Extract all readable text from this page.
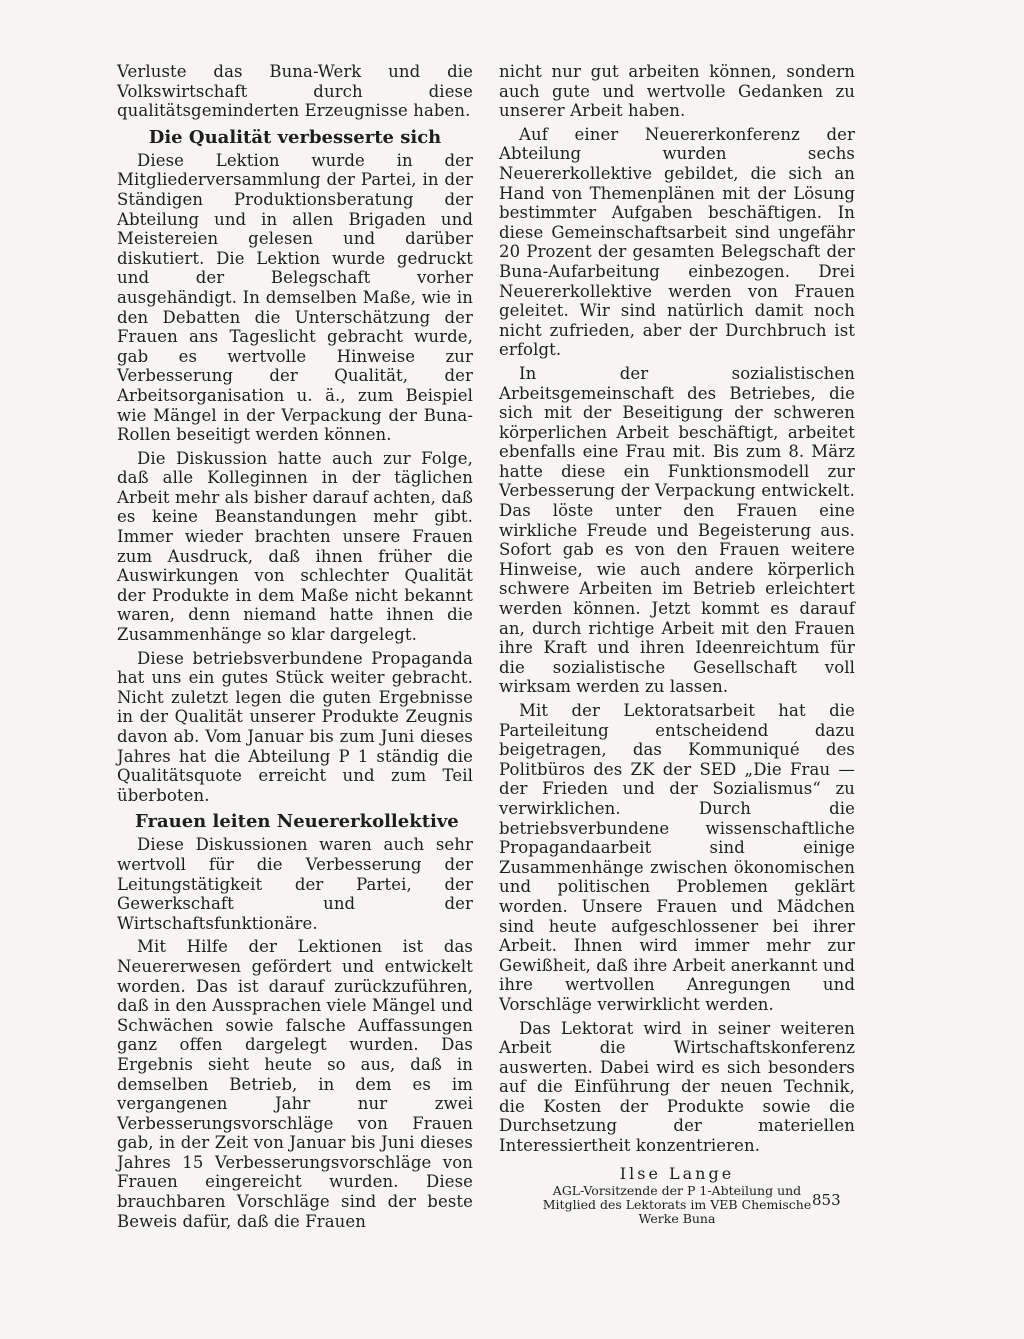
Verluste das Buna-Werk und die Volkswirtschaft durch diese qualitätsgeminderten Erzeugnisse haben.

Die Qualität verbesserte sich

Diese Lektion wurde in der Mitgliederversammlung der Partei, in der Ständigen Produktionsberatung der Abteilung und in allen Brigaden und Meistereien gelesen und darüber diskutiert. Die Lektion wurde gedruckt und der Belegschaft vorher ausgehändigt. In demselben Maße, wie in den Debatten die Unterschätzung der Frauen ans Tageslicht gebracht wurde, gab es wertvolle Hinweise zur Verbesserung der Qualität, der Arbeitsorganisation u. ä., zum Beispiel wie Mängel in der Verpackung der Buna-Rollen beseitigt werden können.

Die Diskussion hatte auch zur Folge, daß alle Kolleginnen in der täglichen Arbeit mehr als bisher darauf achten, daß es keine Beanstandungen mehr gibt. Immer wieder brachten unsere Frauen zum Ausdruck, daß ihnen früher die Auswirkungen von schlechter Qualität der Produkte in dem Maße nicht bekannt waren, denn niemand hatte ihnen die Zusammenhänge so klar dargelegt.

Diese betriebsverbundene Propaganda hat uns ein gutes Stück weiter gebracht. Nicht zuletzt legen die guten Ergebnisse in der Qualität unserer Produkte Zeugnis davon ab. Vom Januar bis zum Juni dieses Jahres hat die Abteilung P 1 ständig die Qualitätsquote erreicht und zum Teil überboten.

Frauen leiten Neuererkollektive

Diese Diskussionen waren auch sehr wertvoll für die Verbesserung der Leitungstätigkeit der Partei, der Gewerkschaft und der Wirtschaftsfunktionäre.

Mit Hilfe der Lektionen ist das Neuererwesen gefördert und entwickelt worden. Das ist darauf zurückzuführen, daß in den Aussprachen viele Mängel und Schwächen sowie falsche Auffassungen ganz offen dargelegt wurden. Das Ergebnis sieht heute so aus, daß in demselben Betrieb, in dem es im vergangenen Jahr nur zwei Verbesserungsvorschläge von Frauen gab, in der Zeit von Januar bis Juni dieses Jahres 15 Verbesserungsvorschläge von Frauen eingereicht wurden. Diese brauchbaren Vorschläge sind der beste Beweis dafür, daß die Frauen

nicht nur gut arbeiten können, sondern auch gute und wertvolle Gedanken zu unserer Arbeit haben.

Auf einer Neuererkonferenz der Abteilung wurden sechs Neuererkollektive gebildet, die sich an Hand von Themenplänen mit der Lösung bestimmter Aufgaben beschäftigen. In diese Gemeinschaftsarbeit sind ungefähr 20 Prozent der gesamten Belegschaft der Buna-Aufarbeitung einbezogen. Drei Neuererkollektive werden von Frauen geleitet. Wir sind natürlich damit noch nicht zufrieden, aber der Durchbruch ist erfolgt.

In der sozialistischen Arbeitsgemeinschaft des Betriebes, die sich mit der Beseitigung der schweren körperlichen Arbeit beschäftigt, arbeitet ebenfalls eine Frau mit. Bis zum 8. März hatte diese ein Funktionsmodell zur Verbesserung der Verpackung entwickelt. Das löste unter den Frauen eine wirkliche Freude und Begeisterung aus. Sofort gab es von den Frauen weitere Hinweise, wie auch andere körperlich schwere Arbeiten im Betrieb erleichtert werden können. Jetzt kommt es darauf an, durch richtige Arbeit mit den Frauen ihre Kraft und ihren Ideenreichtum für die sozialistische Gesellschaft voll wirksam werden zu lassen.

Mit der Lektoratsarbeit hat die Parteileitung entscheidend dazu beigetragen, das Kommuniqué des Politbüros des ZK der SED „Die Frau — der Frieden und der Sozialismus“ zu verwirklichen. Durch die betriebsverbundene wissenschaftliche Propagandaarbeit sind einige Zusammenhänge zwischen ökonomischen und politischen Problemen geklärt worden. Unsere Frauen und Mädchen sind heute aufgeschlossener bei ihrer Arbeit. Ihnen wird immer mehr zur Gewißheit, daß ihre Arbeit anerkannt und ihre wertvollen Anregungen und Vorschläge verwirklicht werden.

Das Lektorat wird in seiner weiteren Arbeit die Wirtschaftskonferenz auswerten. Dabei wird es sich besonders auf die Einführung der neuen Technik, die Kosten der Produkte sowie die Durchsetzung der materiellen Interessiertheit konzentrieren.

Ilse Lange

AGL-Vorsitzende der P 1-Abteilung und

Mitglied des Lektorats im VEB Chemische

Werke Buna

853
